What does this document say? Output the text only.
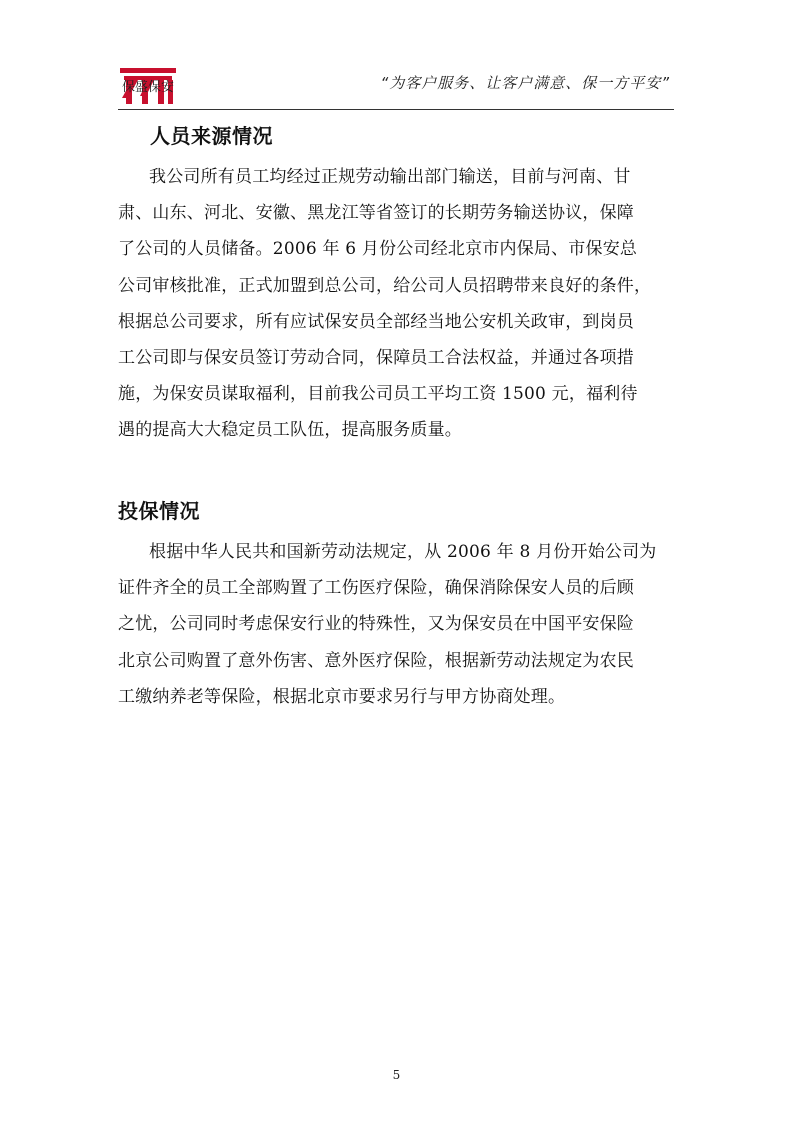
保盛保安	“为客户服务、让客户满意、保一方平安”
人员来源情况

我公司所有员工均经过正规劳动输出部门输送，目前与河南、甘
肃、山东、河北、安徽、黑龙江等省签订的长期劳务输送协议，保障
了公司的人员储备。2006 年 6 月份公司经北京市内保局、市保安总
公司审核批准，正式加盟到总公司，给公司人员招聘带来良好的条件，
根据总公司要求，所有应试保安员全部经当地公安机关政审，到岗员
工公司即与保安员签订劳动合同，保障员工合法权益，并通过各项措
施，为保安员谋取福利，目前我公司员工平均工资 1500 元，福利待
遇的提高大大稳定员工队伍，提高服务质量。

投保情况

根据中华人民共和国新劳动法规定，从 2006 年 8 月份开始公司为
证件齐全的员工全部购置了工伤医疗保险，确保消除保安人员的后顾
之忧，公司同时考虑保安行业的特殊性，又为保安员在中国平安保险
北京公司购置了意外伤害、意外医疗保险，根据新劳动法规定为农民
工缴纳养老等保险，根据北京市要求另行与甲方协商处理。

5
